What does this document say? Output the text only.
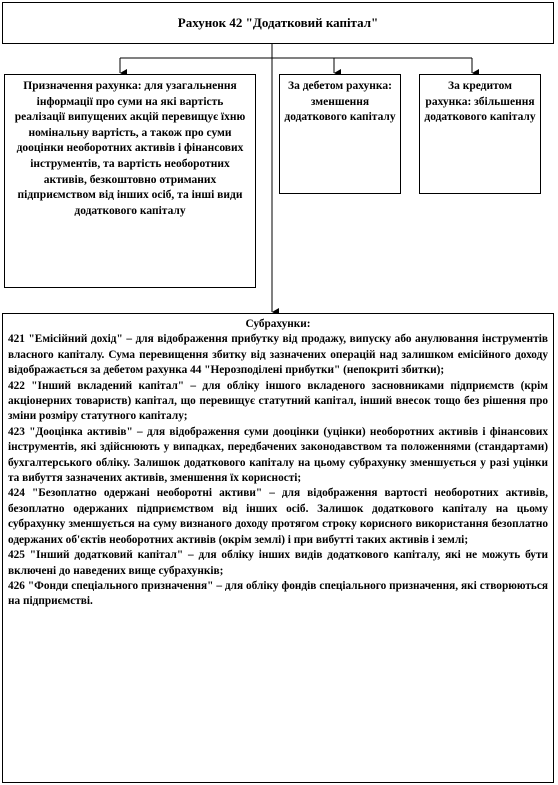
Рахунок 42 "Додатковий капітал"
Призначення рахунка: для узагальнення інформації про суми на які вартість реалізації випущених акцій перевищує їхню номінальну вартість, а також про суми дооцінки необоротних активів і фінансових інструментів, та вартість необоротних активів, безкоштовно отриманих підприємством від інших осіб, та інші види додаткового капіталу
За дебетом рахунка: зменшення додаткового капіталу
За кредитом рахунка: збільшення додаткового капіталу
Субрахунки:
421 "Емісійний дохід" – для відображення прибутку від продажу, випуску або анулювання інструментів власного капіталу. Сума перевищення збитку від зазначених операцій над залишком емісійного доходу відображається за дебетом рахунка 44 "Нерозподілені прибутки" (непокриті збитки);
422 "Інший вкладений капітал" – для обліку іншого вкладеного засновниками підприємств (крім акціонерних товариств) капітал, що перевищує статутний капітал, інший внесок тощо без рішення про зміни розміру статутного капіталу;
423 "Дооцінка активів" – для відображення суми дооцінки (уцінки) необоротних активів і фінансових інструментів, які здійснюють у випадках, передбачених законодавством та положеннями (стандартами) бухгалтерського обліку. Залишок додаткового капіталу на цьому субрахунку зменшується у разі уцінки та вибуття зазначених активів, зменшення їх корисності;
424 "Безоплатно одержані необоротні активи" – для відображення вартості необоротних активів, безоплатно одержаних підприємством від інших осіб. Залишок додаткового капіталу на цьому субрахунку зменшується на суму визнаного доходу протягом строку корисного використання безоплатно одержаних об'єктів необоротних активів (окрім землі) і при вибутті таких активів і землі;
425 "Інший додатковий капітал" – для обліку інших видів додаткового капіталу, які не можуть бути включені до наведених вище субрахунків;
426 "Фонди спеціального призначення" – для обліку фондів спеціального призначення, які створюються на підприємстві.
